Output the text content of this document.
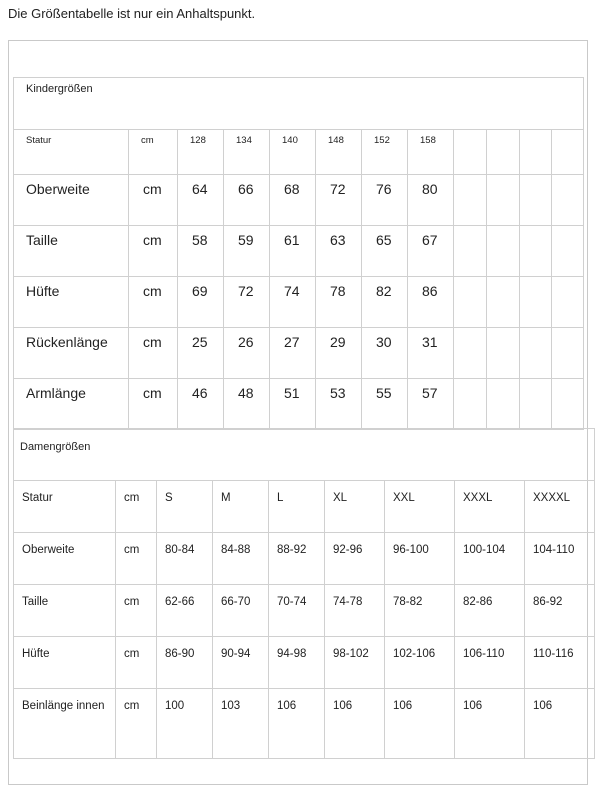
Die Größentabelle ist nur ein Anhaltspunkt.
Kindergrößen											
Statur	cm	128	134	140	148	152	158				
Oberweite	cm	64	66	68	72	76	80				
Taille	cm	58	59	61	63	65	67				
Hüfte	cm	69	72	74	78	82	86				
Rückenlänge	cm	25	26	27	29	30	31				
Armlänge	cm	46	48	51	53	55	57				
Damengrößen								
Statur	cm	S	M	L	XL	XXL	XXXL	XXXXL
Oberweite	cm	80-84	84-88	88-92	92-96	96-100	100-104	104-110
Taille	cm	62-66	66-70	70-74	74-78	78-82	82-86	86-92
Hüfte	cm	86-90	90-94	94-98	98-102	102-106	106-110	110-116
Beinlänge innen	cm	100	103	106	106	106	106	106
